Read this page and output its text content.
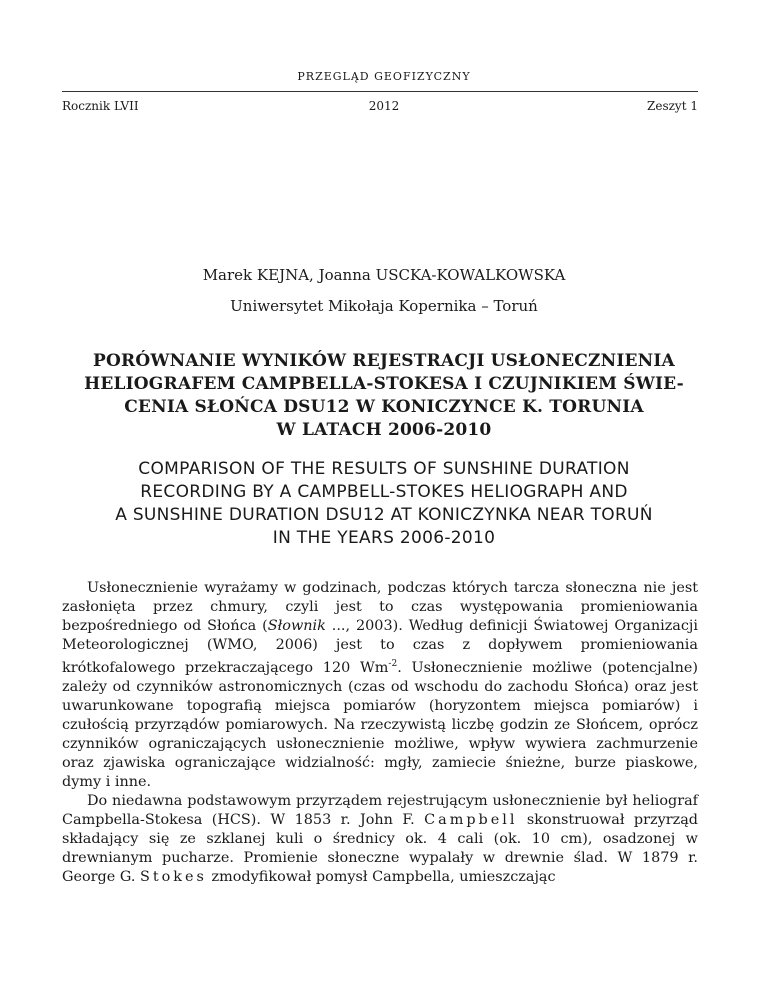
PRZEGLĄD GEOFIZYCZNY
Rocznik LVII	2012	Zeszyt 1
Marek KEJNA, Joanna USCKA-KOWALKOWSKA
Uniwersytet Mikołaja Kopernika – Toruń
PORÓWNANIE WYNIKÓW REJESTRACJI USŁONECZNIENIA
HELIOGRAFEM CAMPBELLA-STOKESA I CZUJNIKIEM ŚWIE-
CENIA SŁOŃCA DSU12 W KONICZYNCE K. TORUNIA
W LATACH 2006-2010
COMPARISON OF THE RESULTS OF SUNSHINE DURATION
RECORDING BY A CAMPBELL-STOKES HELIOGRAPH AND
A SUNSHINE DURATION DSU12 AT KONICZYNKA NEAR TORUŃ
IN THE YEARS 2006-2010

Usłonecznienie wyrażamy w godzinach, podczas których tarcza słoneczna nie jest zasłonięta przez chmury, czyli jest to czas występowania promieniowania bezpośredniego od Słońca (Słownik ..., 2003). Według definicji Światowej Organizacji Meteorologicznej (WMO, 2006) jest to czas z dopływem promieniowania krótkofalowego przekraczającego 120 $Wm^{-2}$. Usłonecznienie możliwe (potencjalne) zależy od czynników astronomicznych (czas od wschodu do zachodu Słońca) oraz jest uwarunkowane topografią miejsca pomiarów (horyzontem miejsca pomiarów) i czułością przyrządów pomiarowych. Na rzeczywistą liczbę godzin ze Słońcem, oprócz czynników ograniczających usłonecznienie możliwe, wpływ wywiera zachmurzenie oraz zjawiska ograniczające widzialność: mgły, zamiecie śnieżne, burze piaskowe, dymy i inne.

Do niedawna podstawowym przyrządem rejestrującym usłonecznienie był heliograf Campbella-Stokesa (HCS). W 1853 r. John F. Campbell skonstruował przyrząd składający się ze szklanej kuli o średnicy ok. 4 cali (ok. 10 cm), osadzonej w drewnianym pucharze. Promienie słoneczne wypalały w drewnie ślad. W 1879 r. George G. Stokes zmodyfikował pomysł Campbella, umieszczając
